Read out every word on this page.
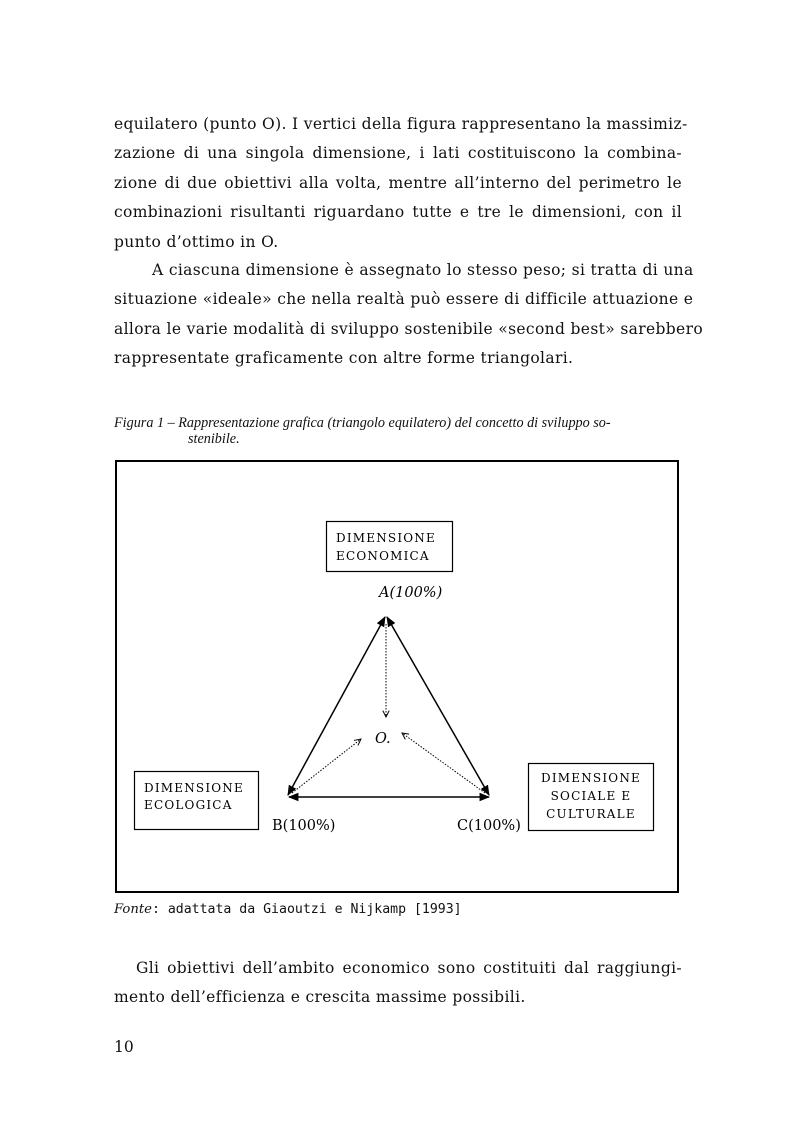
equilatero (punto O). I vertici della figura rappresentano la massimiz-
zazione di una singola dimensione, i lati costituiscono la combina-
zione di due obiettivi alla volta, mentre all’interno del perimetro le
combinazioni risultanti riguardano tutte e tre le dimensioni, con il
punto d’ottimo in O.
A ciascuna dimensione è assegnato lo stesso peso; si tratta di una
situazione «ideale» che nella realtà può essere di difficile attuazione e
allora le varie modalità di sviluppo sostenibile «second best» sarebbero
rappresentate graficamente con altre forme triangolari.
Figura 1 – Rappresentazione grafica (triangolo equilatero) del concetto di sviluppo so-
stenibile.
DIMENSIONE
ECONOMICA
DIMENSIONE
ECOLOGICA
DIMENSIONE
SOCIALE E
CULTURALE
A(100%)
B(100%)	C(100%)
O.
Fonte: adattata da Giaoutzi e Nijkamp [1993]
Gli obiettivi dell’ambito economico sono costituiti dal raggiungi-
mento dell’efficienza e crescita massime possibili.
10
